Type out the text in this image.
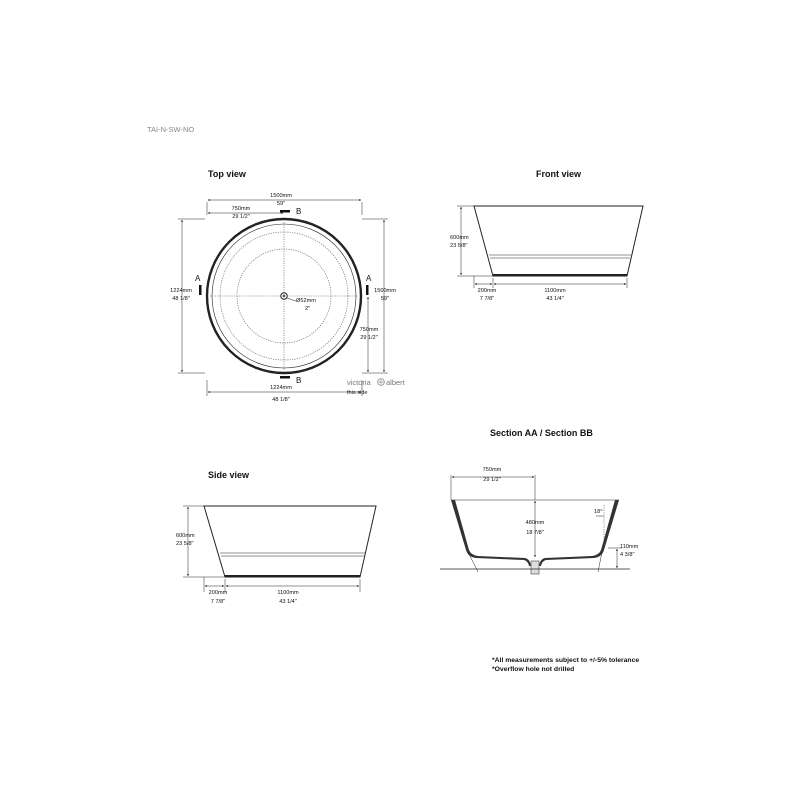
TAI-N-SW-NO
Top view
1500mm
59"
750mm
29 1/2"
Ø52mm
2"
A	A
B
B
1224mm
48 1/8"
1500mm
59"
750mm
29 1/2"
1224mm
48 1/8"
victoria albert
this side
Front view
600mm
23 5/8"
200mm
7 7/8"
1100mm
43 1/4"
Section AA / Section BB
750mm
29 1/2"
480mm
18 7/8"
18°
110mm
4 3/8"
Side view
600mm
23 5/8"
200mm
7 7/8"
1100mm
43 1/4"
*All measurements subject to +/-5% tolerance
*Overflow hole not drilled
